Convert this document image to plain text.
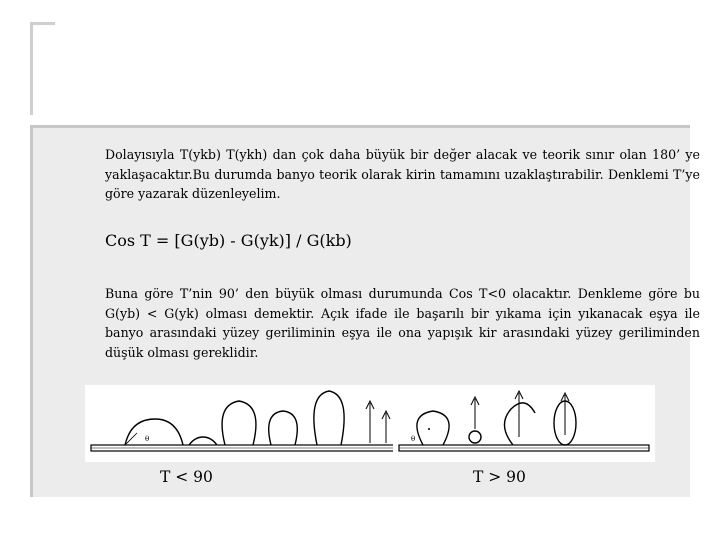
Dolayısıyla T(ykb) T(ykh) dan çok daha büyük bir değer alacak ve teorik sınır olan 180’ ye yaklaşacaktır.Bu durumda banyo teorik olarak kirin tamamını uzaklaştırabilir. Denklemi T’ye göre yazarak düzenleyelim.

Cos T = [G(yb) - G(yk)] / G(kb)

Buna göre T’nin 90’ den büyük olması durumunda Cos T<0 olacaktır. Denkleme göre bu G(yb) < G(yk) olması demektir. Açık ifade ile başarılı bir yıkama için yıkanacak eşya ile banyo arasındaki yüzey geriliminin eşya ile ona yapışık kir arasındaki yüzey geriliminden düşük olması gereklidir.

θ	θ
T < 90	T > 90
